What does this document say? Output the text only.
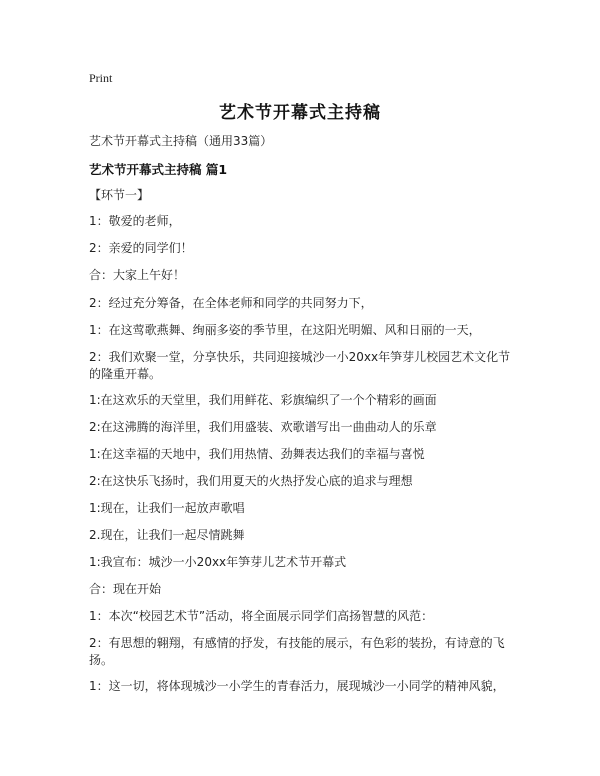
Print
艺术节开幕式主持稿
艺术节开幕式主持稿（通用33篇）
艺术节开幕式主持稿 篇1
【环节一】
1：敬爱的老师，
2：亲爱的同学们！
合：大家上午好！
2：经过充分筹备，在全体老师和同学的共同努力下，
1：在这莺歌燕舞、绚丽多姿的季节里，在这阳光明媚、风和日丽的一天，
2：我们欢聚一堂，分享快乐，共同迎接城沙一小20xx年笋芽儿校园艺术文化节的隆重开幕。
1:在这欢乐的天堂里，我们用鲜花、彩旗编织了一个个精彩的画面
2:在这沸腾的海洋里，我们用盛装、欢歌谱写出一曲曲动人的乐章
1:在这幸福的天地中，我们用热情、劲舞表达我们的幸福与喜悦
2:在这快乐飞扬时，我们用夏天的火热抒发心底的追求与理想
1:现在，让我们一起放声歌唱
2.现在，让我们一起尽情跳舞
1:我宣布：城沙一小20xx年笋芽儿艺术节开幕式
合：现在开始
1：本次“校园艺术节”活动，将全面展示同学们高扬智慧的风范：
2：有思想的翱翔，有感情的抒发，有技能的展示，有色彩的装扮，有诗意的飞扬。
1：这一切，将体现城沙一小学生的青春活力，展现城沙一小同学的精神风貌，
